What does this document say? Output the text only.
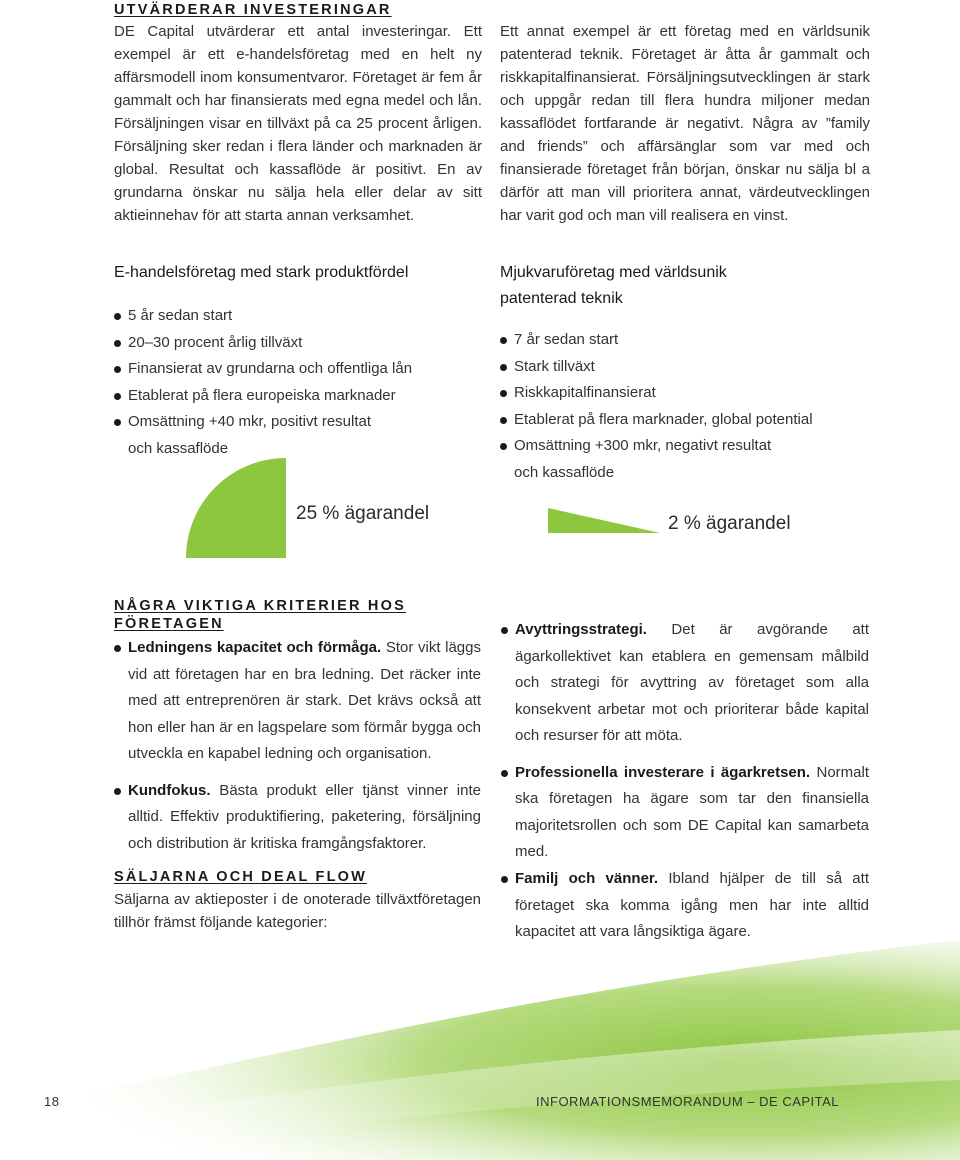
UTVÄRDERAR INVESTERINGAR

DE Capital utvärderar ett antal investeringar. Ett exempel är ett e-handelsföretag med en helt ny affärsmodell inom konsumentvaror. Företaget är fem år gammalt och har finansierats med egna medel och lån. Försäljningen visar en tillväxt på ca 25 procent årligen. Försäljning sker redan i flera länder och marknaden är global. Resultat och kassaflöde är positivt. En av grundarna önskar nu sälja hela eller delar av sitt aktieinnehav för att starta annan verksamhet.

Ett annat exempel är ett företag med en världsunik patenterad teknik. Företaget är åtta år gammalt och riskkapitalfinansierat. Försäljningsutvecklingen är stark och uppgår redan till flera hundra miljoner medan kassaflödet fortfarande är negativt. Några av ”family and friends” och affärsänglar som var med och finansierade företaget från början, önskar nu sälja bl a därför att man vill prioritera annat, värdeutvecklingen har varit god och man vill realisera en vinst.

E-handelsföretag med stark produktfördel
5 år sedan start
20–30 procent årlig tillväxt
Finansierat av grundarna och offentliga lån
Etablerat på flera europeiska marknader
Omsättning +40 mkr, positivt resultat
och kassaflöde
Mjukvaruföretag med världsunik
patenterad teknik
7 år sedan start
Stark tillväxt
Riskkapitalfinansierat
Etablerat på flera marknader, global potential
Omsättning +300 mkr, negativt resultat
och kassaflöde
25 % ägarandel	2 % ägarandel
NÅGRA VIKTIGA KRITERIER HOS FÖRETAGEN
Ledningens kapacitet och förmåga. Stor vikt läggs vid att företagen har en bra ledning. Det räcker inte med att entreprenören är stark. Det krävs också att hon eller han är en lagspelare som förmår bygga och utveckla en kapabel ledning och organisation.
Kundfokus. Bästa produkt eller tjänst vinner inte alltid. Effektiv produktifiering, paketering, försäljning och distribution är kritiska framgångsfaktorer.
Avyttringsstrategi. Det är avgörande att ägarkollektivet kan etablera en gemensam målbild och strategi för avyttring av företaget som alla konsekvent arbetar mot och prioriterar både kapital och resurser för att möta.
Professionella investerare i ägarkretsen. Normalt ska företagen ha ägare som tar den finansiella majoritetsrollen och som DE Capital kan samarbeta med.
SÄLJARNA OCH DEAL FLOW

Säljarna av aktieposter i de onoterade tillväxtföretagen tillhör främst följande kategorier:

Familj och vänner. Ibland hjälper de till så att företaget ska komma igång men har inte alltid kapacitet att vara långsiktiga ägare.
18	INFORMATIONSMEMORANDUM – DE CAPITAL
